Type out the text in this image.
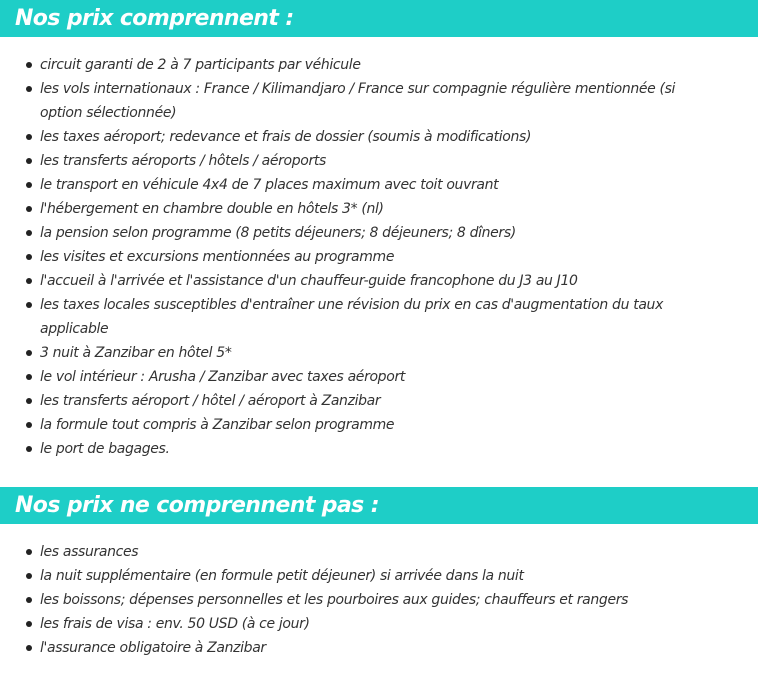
Nos prix comprennent :
circuit garanti de 2 à 7 participants par véhicule
les vols internationaux : France / Kilimandjaro / France sur compagnie régulière mentionnée (si option sélectionnée)
les taxes aéroport; redevance et frais de dossier (soumis à modifications)
les transferts aéroports / hôtels / aéroports
le transport en véhicule 4x4 de 7 places maximum avec toit ouvrant
l'hébergement en chambre double en hôtels 3* (nl)
la pension selon programme (8 petits déjeuners; 8 déjeuners; 8 dîners)
les visites et excursions mentionnées au programme
l'accueil à l'arrivée et l'assistance d'un chauffeur-guide francophone du J3 au J10
les taxes locales susceptibles d'entraîner une révision du prix en cas d'augmentation du taux applicable
3 nuit à Zanzibar en hôtel 5*
le vol intérieur : Arusha / Zanzibar avec taxes aéroport
les transferts aéroport / hôtel / aéroport à Zanzibar
la formule tout compris à Zanzibar selon programme
le port de bagages.
Nos prix ne comprennent pas :
les assurances
la nuit supplémentaire (en formule petit déjeuner) si arrivée dans la nuit
les boissons; dépenses personnelles et les pourboires aux guides; chauffeurs et rangers
les frais de visa : env. 50 USD (à ce jour)
l'assurance obligatoire à Zanzibar
